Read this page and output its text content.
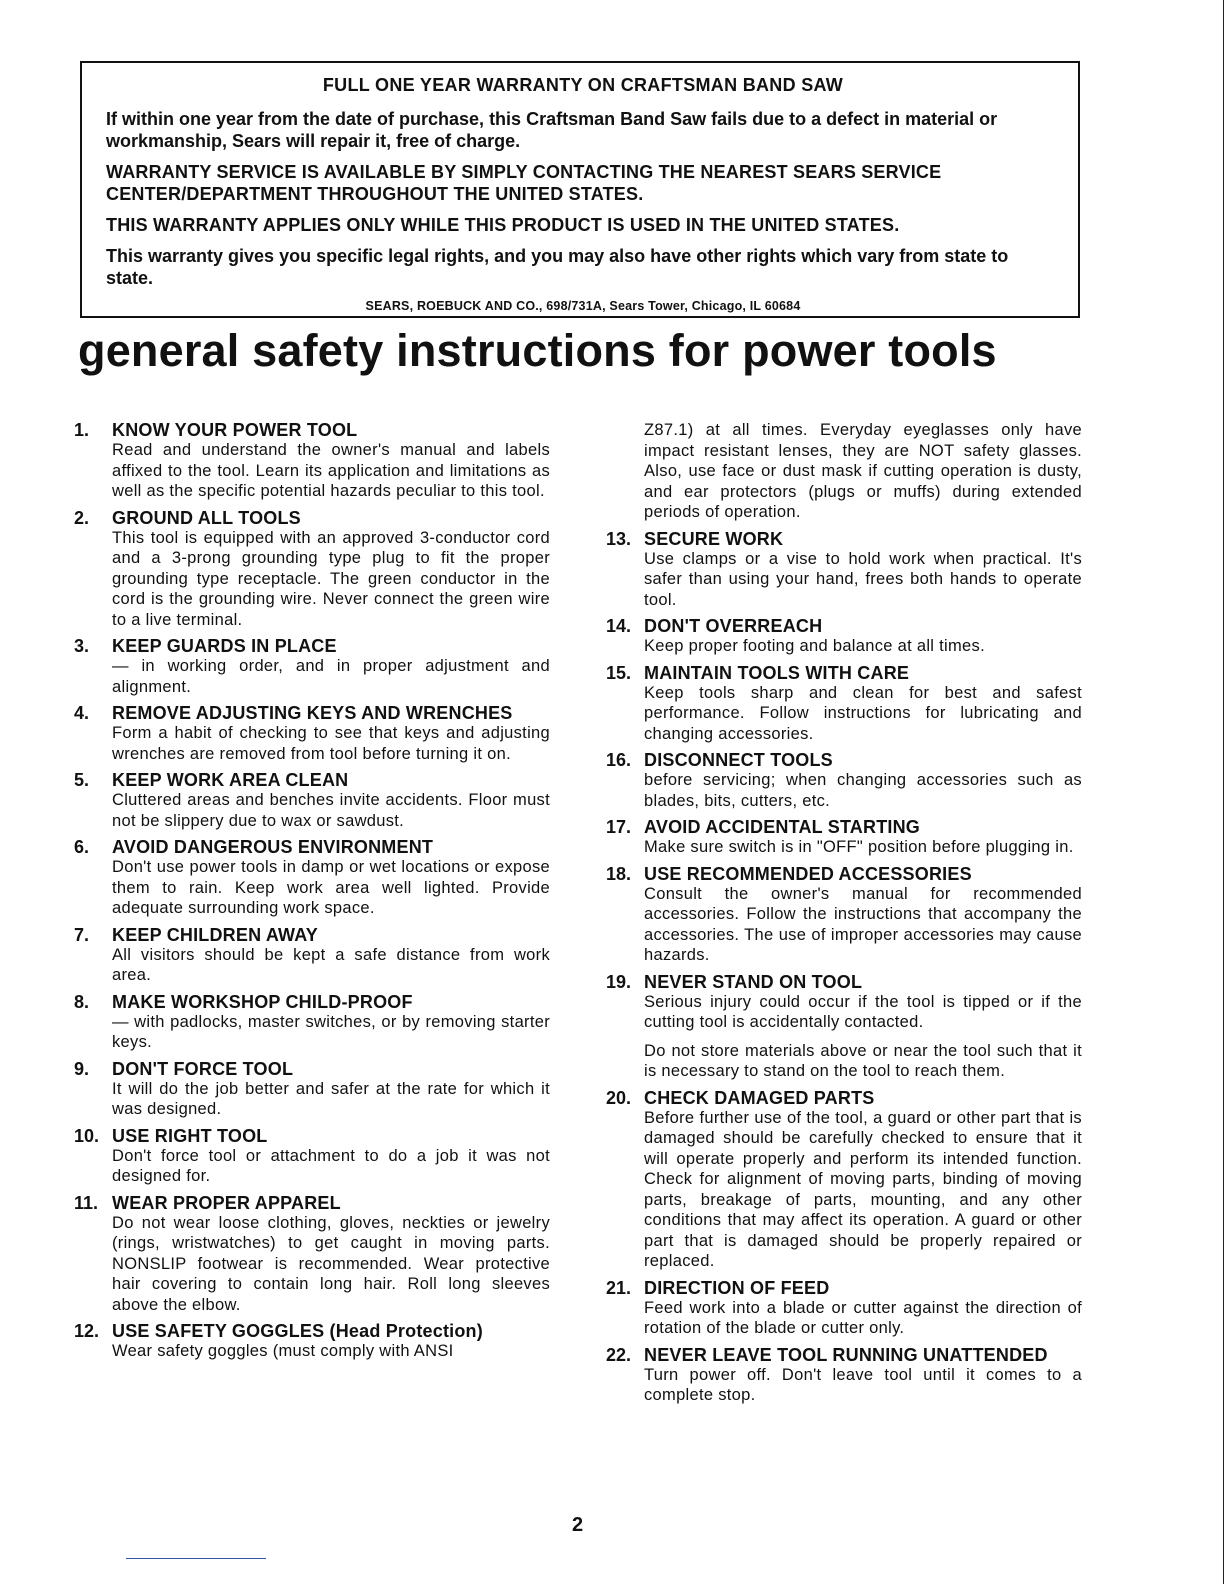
FULL ONE YEAR WARRANTY ON CRAFTSMAN BAND SAW

If within one year from the date of purchase, this Craftsman Band Saw fails due to a defect in material or workmanship, Sears will repair it, free of charge.

WARRANTY SERVICE IS AVAILABLE BY SIMPLY CONTACTING THE NEAREST SEARS SERVICE CENTER/DEPARTMENT THROUGHOUT THE UNITED STATES.

THIS WARRANTY APPLIES ONLY WHILE THIS PRODUCT IS USED IN THE UNITED STATES.

This warranty gives you specific legal rights, and you may also have other rights which vary from state to state.

SEARS, ROEBUCK AND CO., 698/731A, Sears Tower, Chicago, IL 60684
general safety instructions for power tools
1. KNOW YOUR POWER TOOL
Read and understand the owner's manual and labels affixed to the tool. Learn its application and limitations as well as the specific potential hazards peculiar to this tool.
2. GROUND ALL TOOLS
This tool is equipped with an approved 3-conductor cord and a 3-prong grounding type plug to fit the proper grounding type receptacle. The green conductor in the cord is the grounding wire. Never connect the green wire to a live terminal.
3. KEEP GUARDS IN PLACE
— in working order, and in proper adjustment and alignment.
4. REMOVE ADJUSTING KEYS AND WRENCHES
Form a habit of checking to see that keys and adjusting wrenches are removed from tool before turning it on.
5. KEEP WORK AREA CLEAN
Cluttered areas and benches invite accidents. Floor must not be slippery due to wax or sawdust.
6. AVOID DANGEROUS ENVIRONMENT
Don't use power tools in damp or wet locations or expose them to rain. Keep work area well lighted. Provide adequate surrounding work space.
7. KEEP CHILDREN AWAY
All visitors should be kept a safe distance from work area.
8. MAKE WORKSHOP CHILD-PROOF
— with padlocks, master switches, or by removing starter keys.
9. DON'T FORCE TOOL
It will do the job better and safer at the rate for which it was designed.
10. USE RIGHT TOOL
Don't force tool or attachment to do a job it was not designed for.
11. WEAR PROPER APPAREL
Do not wear loose clothing, gloves, neckties or jewelry (rings, wristwatches) to get caught in moving parts. NONSLIP footwear is recommended. Wear protective hair covering to contain long hair. Roll long sleeves above the elbow.
12. USE SAFETY GOGGLES (Head Protection)
Wear safety goggles (must comply with ANSI
Z87.1) at all times. Everyday eyeglasses only have impact resistant lenses, they are NOT safety glasses. Also, use face or dust mask if cutting operation is dusty, and ear protectors (plugs or muffs) during extended periods of operation.
13. SECURE WORK
Use clamps or a vise to hold work when practical. It's safer than using your hand, frees both hands to operate tool.
14. DON'T OVERREACH
Keep proper footing and balance at all times.
15. MAINTAIN TOOLS WITH CARE
Keep tools sharp and clean for best and safest performance. Follow instructions for lubricating and changing accessories.
16. DISCONNECT TOOLS
before servicing; when changing accessories such as blades, bits, cutters, etc.
17. AVOID ACCIDENTAL STARTING
Make sure switch is in "OFF" position before plugging in.
18. USE RECOMMENDED ACCESSORIES
Consult the owner's manual for recommended accessories. Follow the instructions that accompany the accessories. The use of improper accessories may cause hazards.
19. NEVER STAND ON TOOL
Serious injury could occur if the tool is tipped or if the cutting tool is accidentally contacted.
Do not store materials above or near the tool such that it is necessary to stand on the tool to reach them.
20. CHECK DAMAGED PARTS
Before further use of the tool, a guard or other part that is damaged should be carefully checked to ensure that it will operate properly and perform its intended function. Check for alignment of moving parts, binding of moving parts, breakage of parts, mounting, and any other conditions that may affect its operation. A guard or other part that is damaged should be properly repaired or replaced.
21. DIRECTION OF FEED
Feed work into a blade or cutter against the direction of rotation of the blade or cutter only.
22. NEVER LEAVE TOOL RUNNING UNATTENDED
Turn power off. Don't leave tool until it comes to a complete stop.
2
